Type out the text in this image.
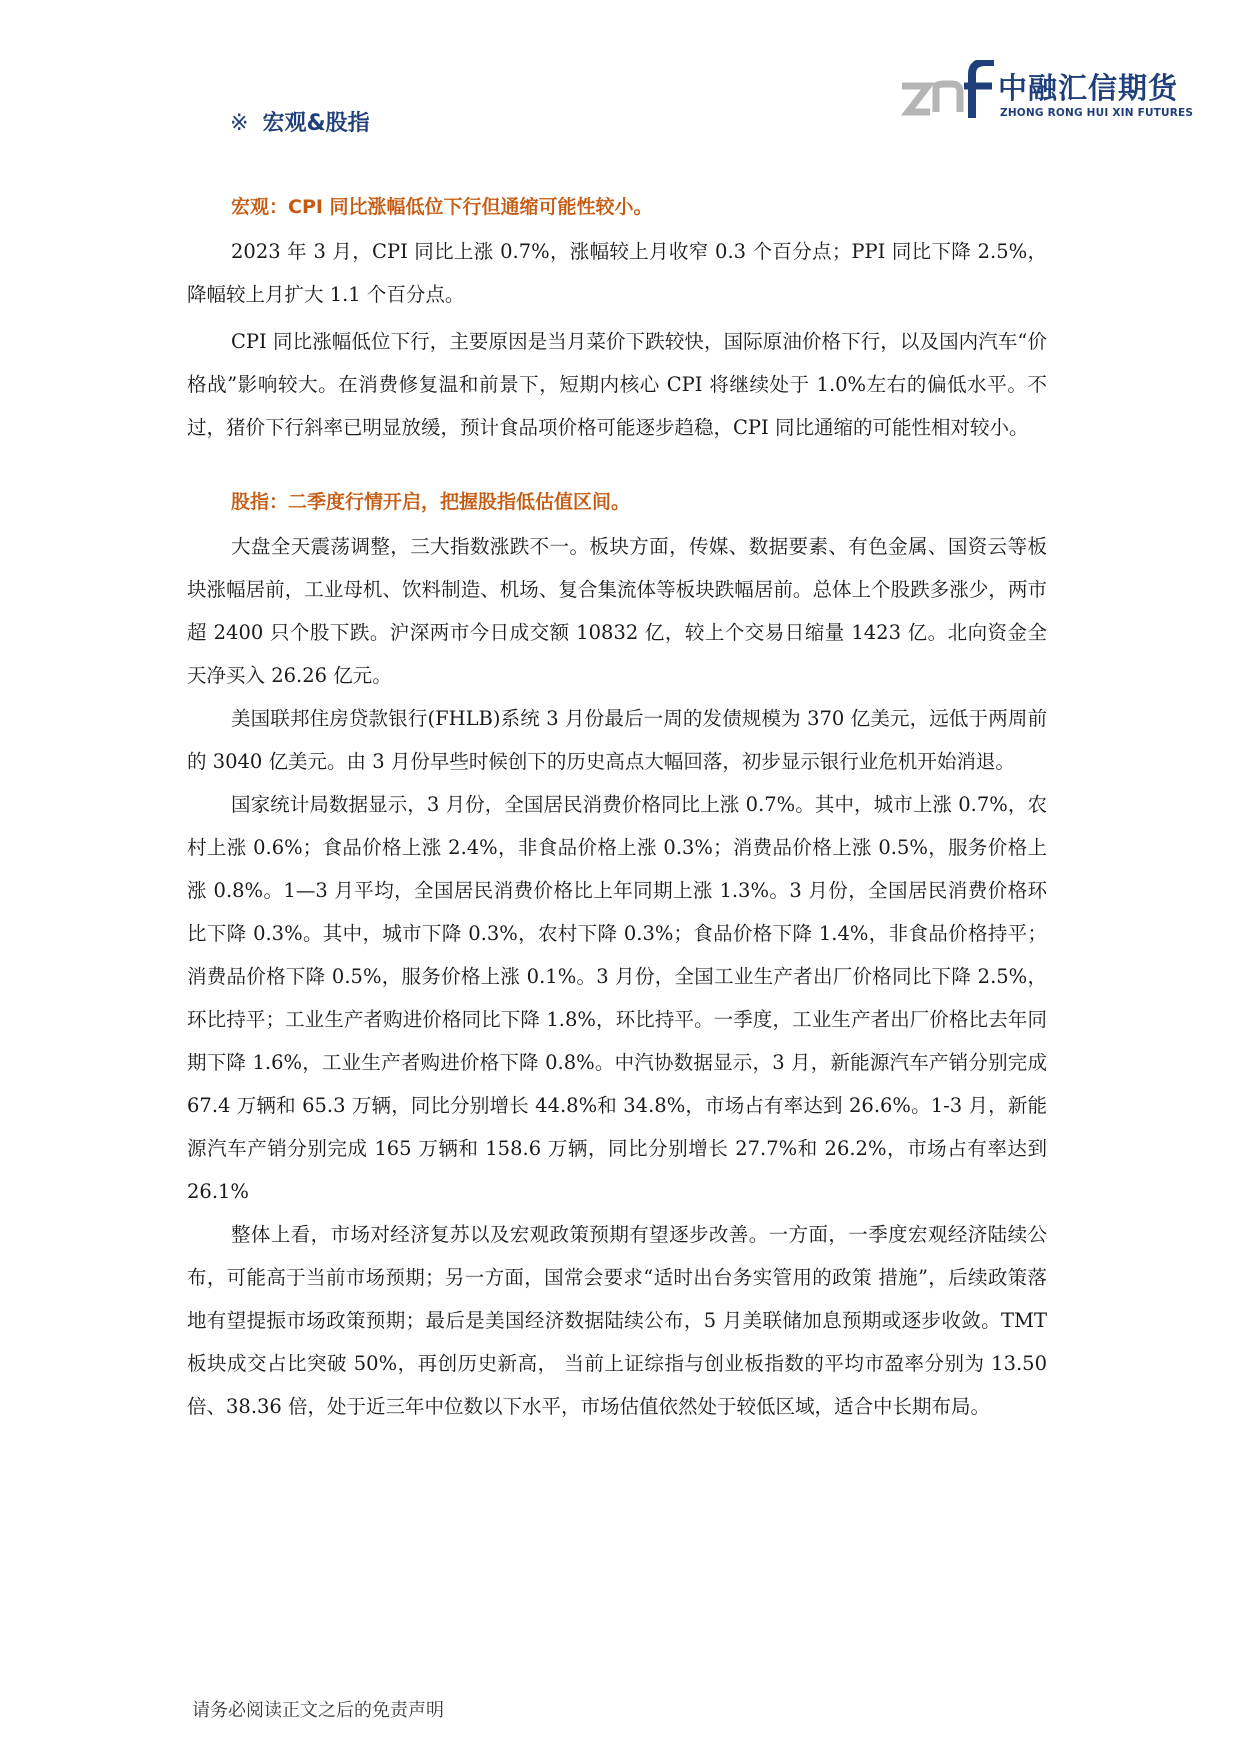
中融汇信期货
ZHONG RONG HUI XIN FUTURES
※ 宏观&股指
宏观：CPI 同比涨幅低位下行但通缩可能性较小。

2023 年 3 月，CPI 同比上涨 0.7%，涨幅较上月收窄 0.3 个百分点；PPI 同比下降 2.5%，降幅较上月扩大 1.1 个百分点。

CPI 同比涨幅低位下行，主要原因是当月菜价下跌较快，国际原油价格下行，以及国内汽车“价格战”影响较大。在消费修复温和前景下，短期内核心 CPI 将继续处于 1.0%左右的偏低水平。不过，猪价下行斜率已明显放缓，预计食品项价格可能逐步趋稳，CPI 同比通缩的可能性相对较小。

股指：二季度行情开启，把握股指低估值区间。

大盘全天震荡调整，三大指数涨跌不一。板块方面，传媒、数据要素、有色金属、国资云等板块涨幅居前，工业母机、饮料制造、机场、复合集流体等板块跌幅居前。总体上个股跌多涨少，两市超 2400 只个股下跌。沪深两市今日成交额 10832 亿，较上个交易日缩量 1423 亿。北向资金全天净买入 26.26 亿元。

美国联邦住房贷款银行(FHLB)系统 3 月份最后一周的发债规模为 370 亿美元，远低于两周前的 3040 亿美元。由 3 月份早些时候创下的历史高点大幅回落，初步显示银行业危机开始消退。

国家统计局数据显示，3 月份，全国居民消费价格同比上涨 0.7%。其中，城市上涨 0.7%，农村上涨 0.6%；食品价格上涨 2.4%，非食品价格上涨 0.3%；消费品价格上涨 0.5%，服务价格上涨 0.8%。1—3 月平均，全国居民消费价格比上年同期上涨 1.3%。3 月份，全国居民消费价格环比下降 0.3%。其中，城市下降 0.3%，农村下降 0.3%；食品价格下降 1.4%，非食品价格持平；消费品价格下降 0.5%，服务价格上涨 0.1%。3 月份，全国工业生产者出厂价格同比下降 2.5%，环比持平；工业生产者购进价格同比下降 1.8%，环比持平。一季度，工业生产者出厂价格比去年同期下降 1.6%，工业生产者购进价格下降 0.8%。中汽协数据显示，3 月，新能源汽车产销分别完成 67.4 万辆和 65.3 万辆，同比分别增长 44.8%和 34.8%，市场占有率达到 26.6%。1-3 月，新能源汽车产销分别完成 165 万辆和 158.6 万辆，同比分别增长 27.7%和 26.2%，市场占有率达到 26.1%

整体上看，市场对经济复苏以及宏观政策预期有望逐步改善。一方面，一季度宏观经济陆续公布，可能高于当前市场预期；另一方面，国常会要求“适时出台务实管用的政策 措施”，后续政策落地有望提振市场政策预期；最后是美国经济数据陆续公布，5 月美联储加息预期或逐步收敛。TMT 板块成交占比突破 50%，再创历史新高， 当前上证综指与创业板指数的平均市盈率分别为 13.50 倍、38.36 倍，处于近三年中位数以下水平，市场估值依然处于较低区域，适合中长期布局。

请务必阅读正文之后的免责声明
